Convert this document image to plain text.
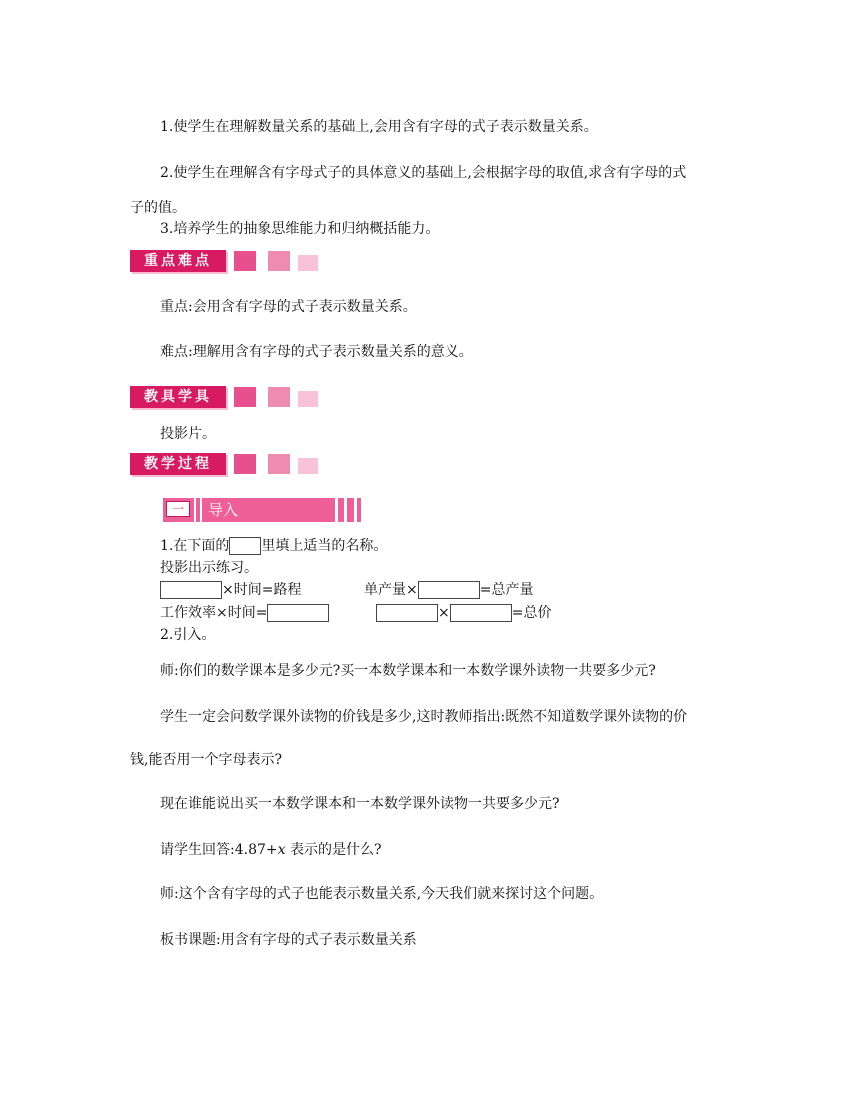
1.使学生在理解数量关系的基础上,会用含有字母的式子表示数量关系。
2.使学生在理解含有字母式子的具体意义的基础上,会根据字母的取值,求含有字母的式
子的值。
3.培养学生的抽象思维能力和归纳概括能力。
重点难点
重点:会用含有字母的式子表示数量关系。
难点:理解用含有字母的式子表示数量关系的意义。
教具学具
投影片。
教学过程
一	导入
1.在下面的 里填上适当的名称。
投影出示练习。
×时间=路程	单产量×	=总产量
工作效率×时间=	×	=总价
2.引入。
师:你们的数学课本是多少元?买一本数学课本和一本数学课外读物一共要多少元?
学生一定会问数学课外读物的价钱是多少,这时教师指出:既然不知道数学课外读物的价
钱,能否用一个字母表示?
现在谁能说出买一本数学课本和一本数学课外读物一共要多少元?
请学生回答:4.87+x 表示的是什么?
师:这个含有字母的式子也能表示数量关系,今天我们就来探讨这个问题。
板书课题:用含有字母的式子表示数量关系
